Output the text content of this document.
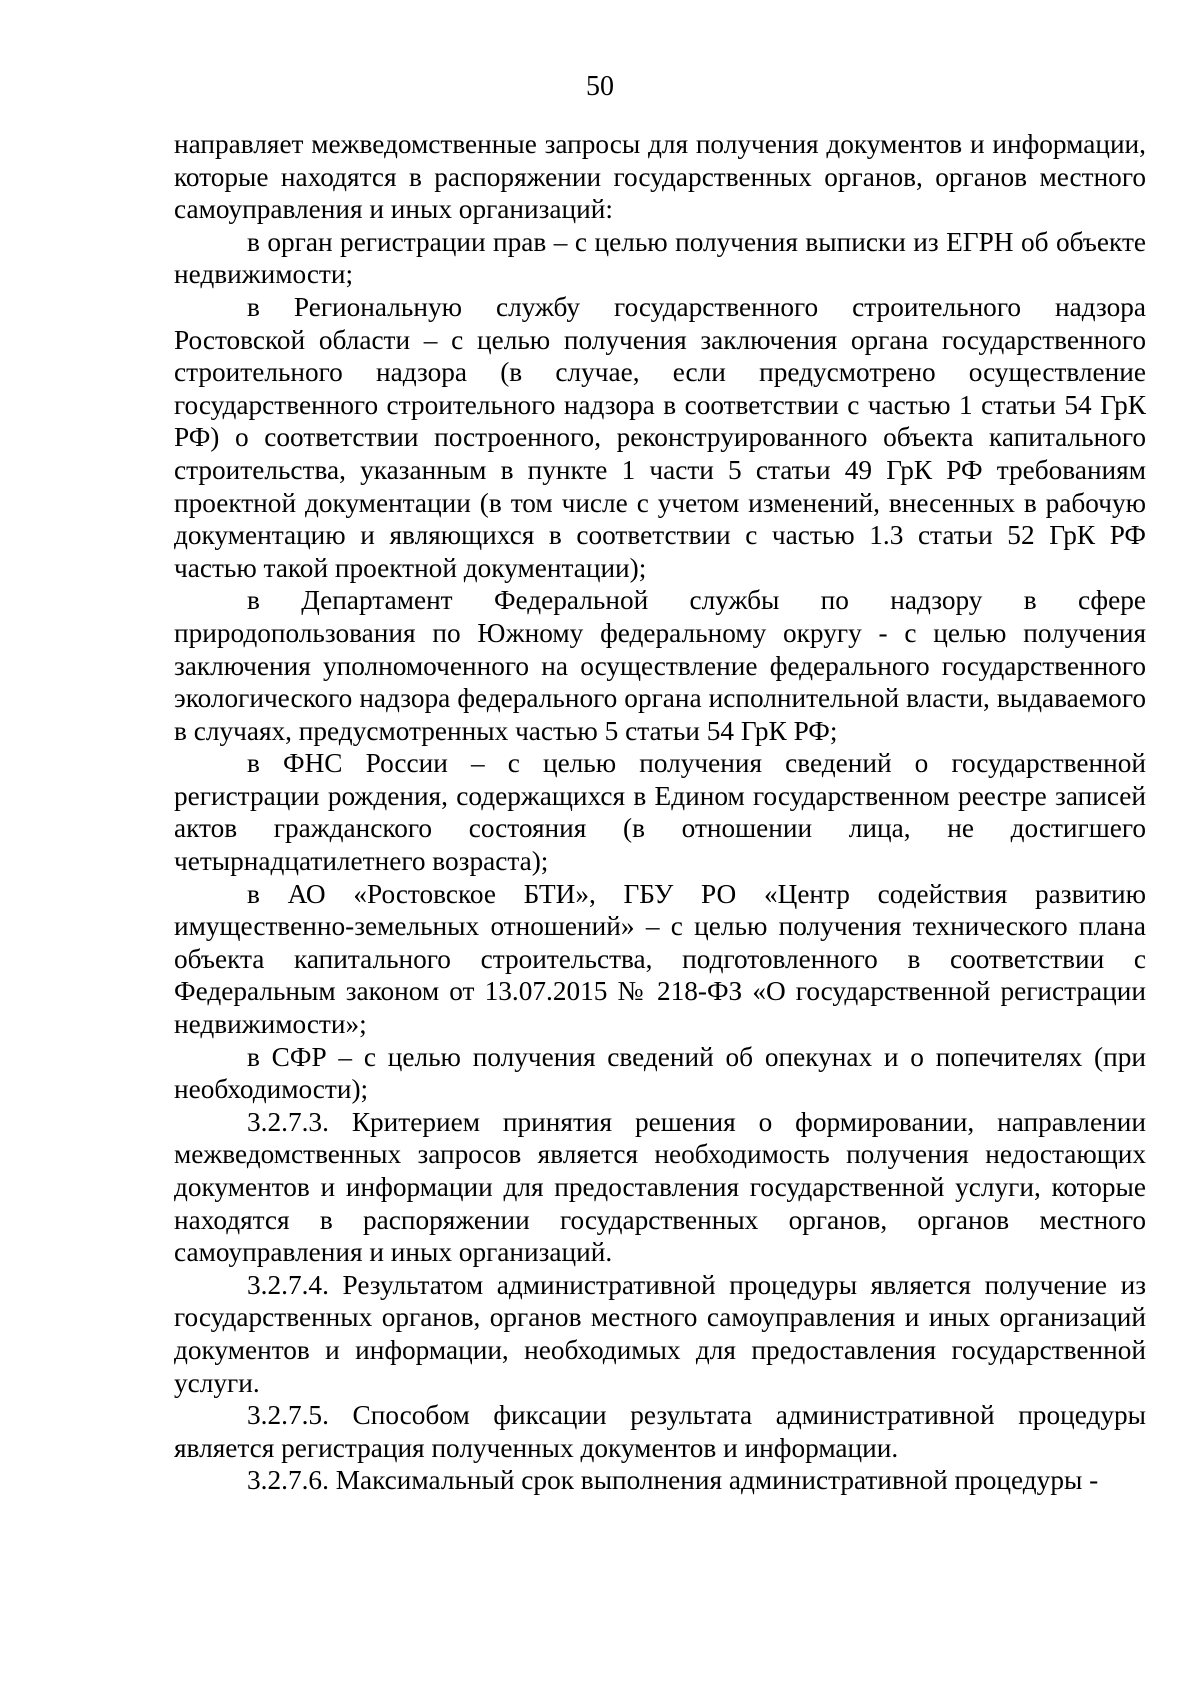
50

направляет межведомственные запросы для получения документов и информации, которые находятся в распоряжении государственных органов, органов местного самоуправления и иных организаций:

в орган регистрации прав – с целью получения выписки из ЕГРН об объекте недвижимости;

в Региональную службу государственного строительного надзора Ростовской области – с целью получения заключения органа государственного строительного надзора (в случае, если предусмотрено осуществление государственного строительного надзора в соответствии с частью 1 статьи 54 ГрК РФ) о соответствии построенного, реконструированного объекта капитального строительства, указанным в пункте 1 части 5 статьи 49 ГрК РФ требованиям проектной документации (в том числе с учетом изменений, внесенных в рабочую документацию и являющихся в соответствии с частью 1.3 статьи 52 ГрК РФ частью такой проектной документации);

в Департамент Федеральной службы по надзору в сфере природопользования по Южному федеральному округу - с целью получения заключения уполномоченного на осуществление федерального государственного экологического надзора федерального органа исполнительной власти, выдаваемого в случаях, предусмотренных частью 5 статьи 54 ГрК РФ;

в ФНС России – с целью получения сведений о государственной регистрации рождения, содержащихся в Едином государственном реестре записей актов гражданского состояния (в отношении лица, не достигшего четырнадцатилетнего возраста);

в АО «Ростовское БТИ», ГБУ РО «Центр содействия развитию имущественно-земельных отношений» – с целью получения технического плана объекта капитального строительства, подготовленного в соответствии с Федеральным законом от 13.07.2015 № 218-ФЗ «О государственной регистрации недвижимости»;

в СФР – с целью получения сведений об опекунах и о попечителях (при необходимости);

3.2.7.3. Критерием принятия решения о формировании, направлении межведомственных запросов является необходимость получения недостающих документов и информации для предоставления государственной услуги, которые находятся в распоряжении государственных органов, органов местного самоуправления и иных организаций.

3.2.7.4. Результатом административной процедуры является получение из государственных органов, органов местного самоуправления и иных организаций документов и информации, необходимых для предоставления государственной услуги.

3.2.7.5. Способом фиксации результата административной процедуры является регистрация полученных документов и информации.

3.2.7.6. Максимальный срок выполнения административной процедуры -
